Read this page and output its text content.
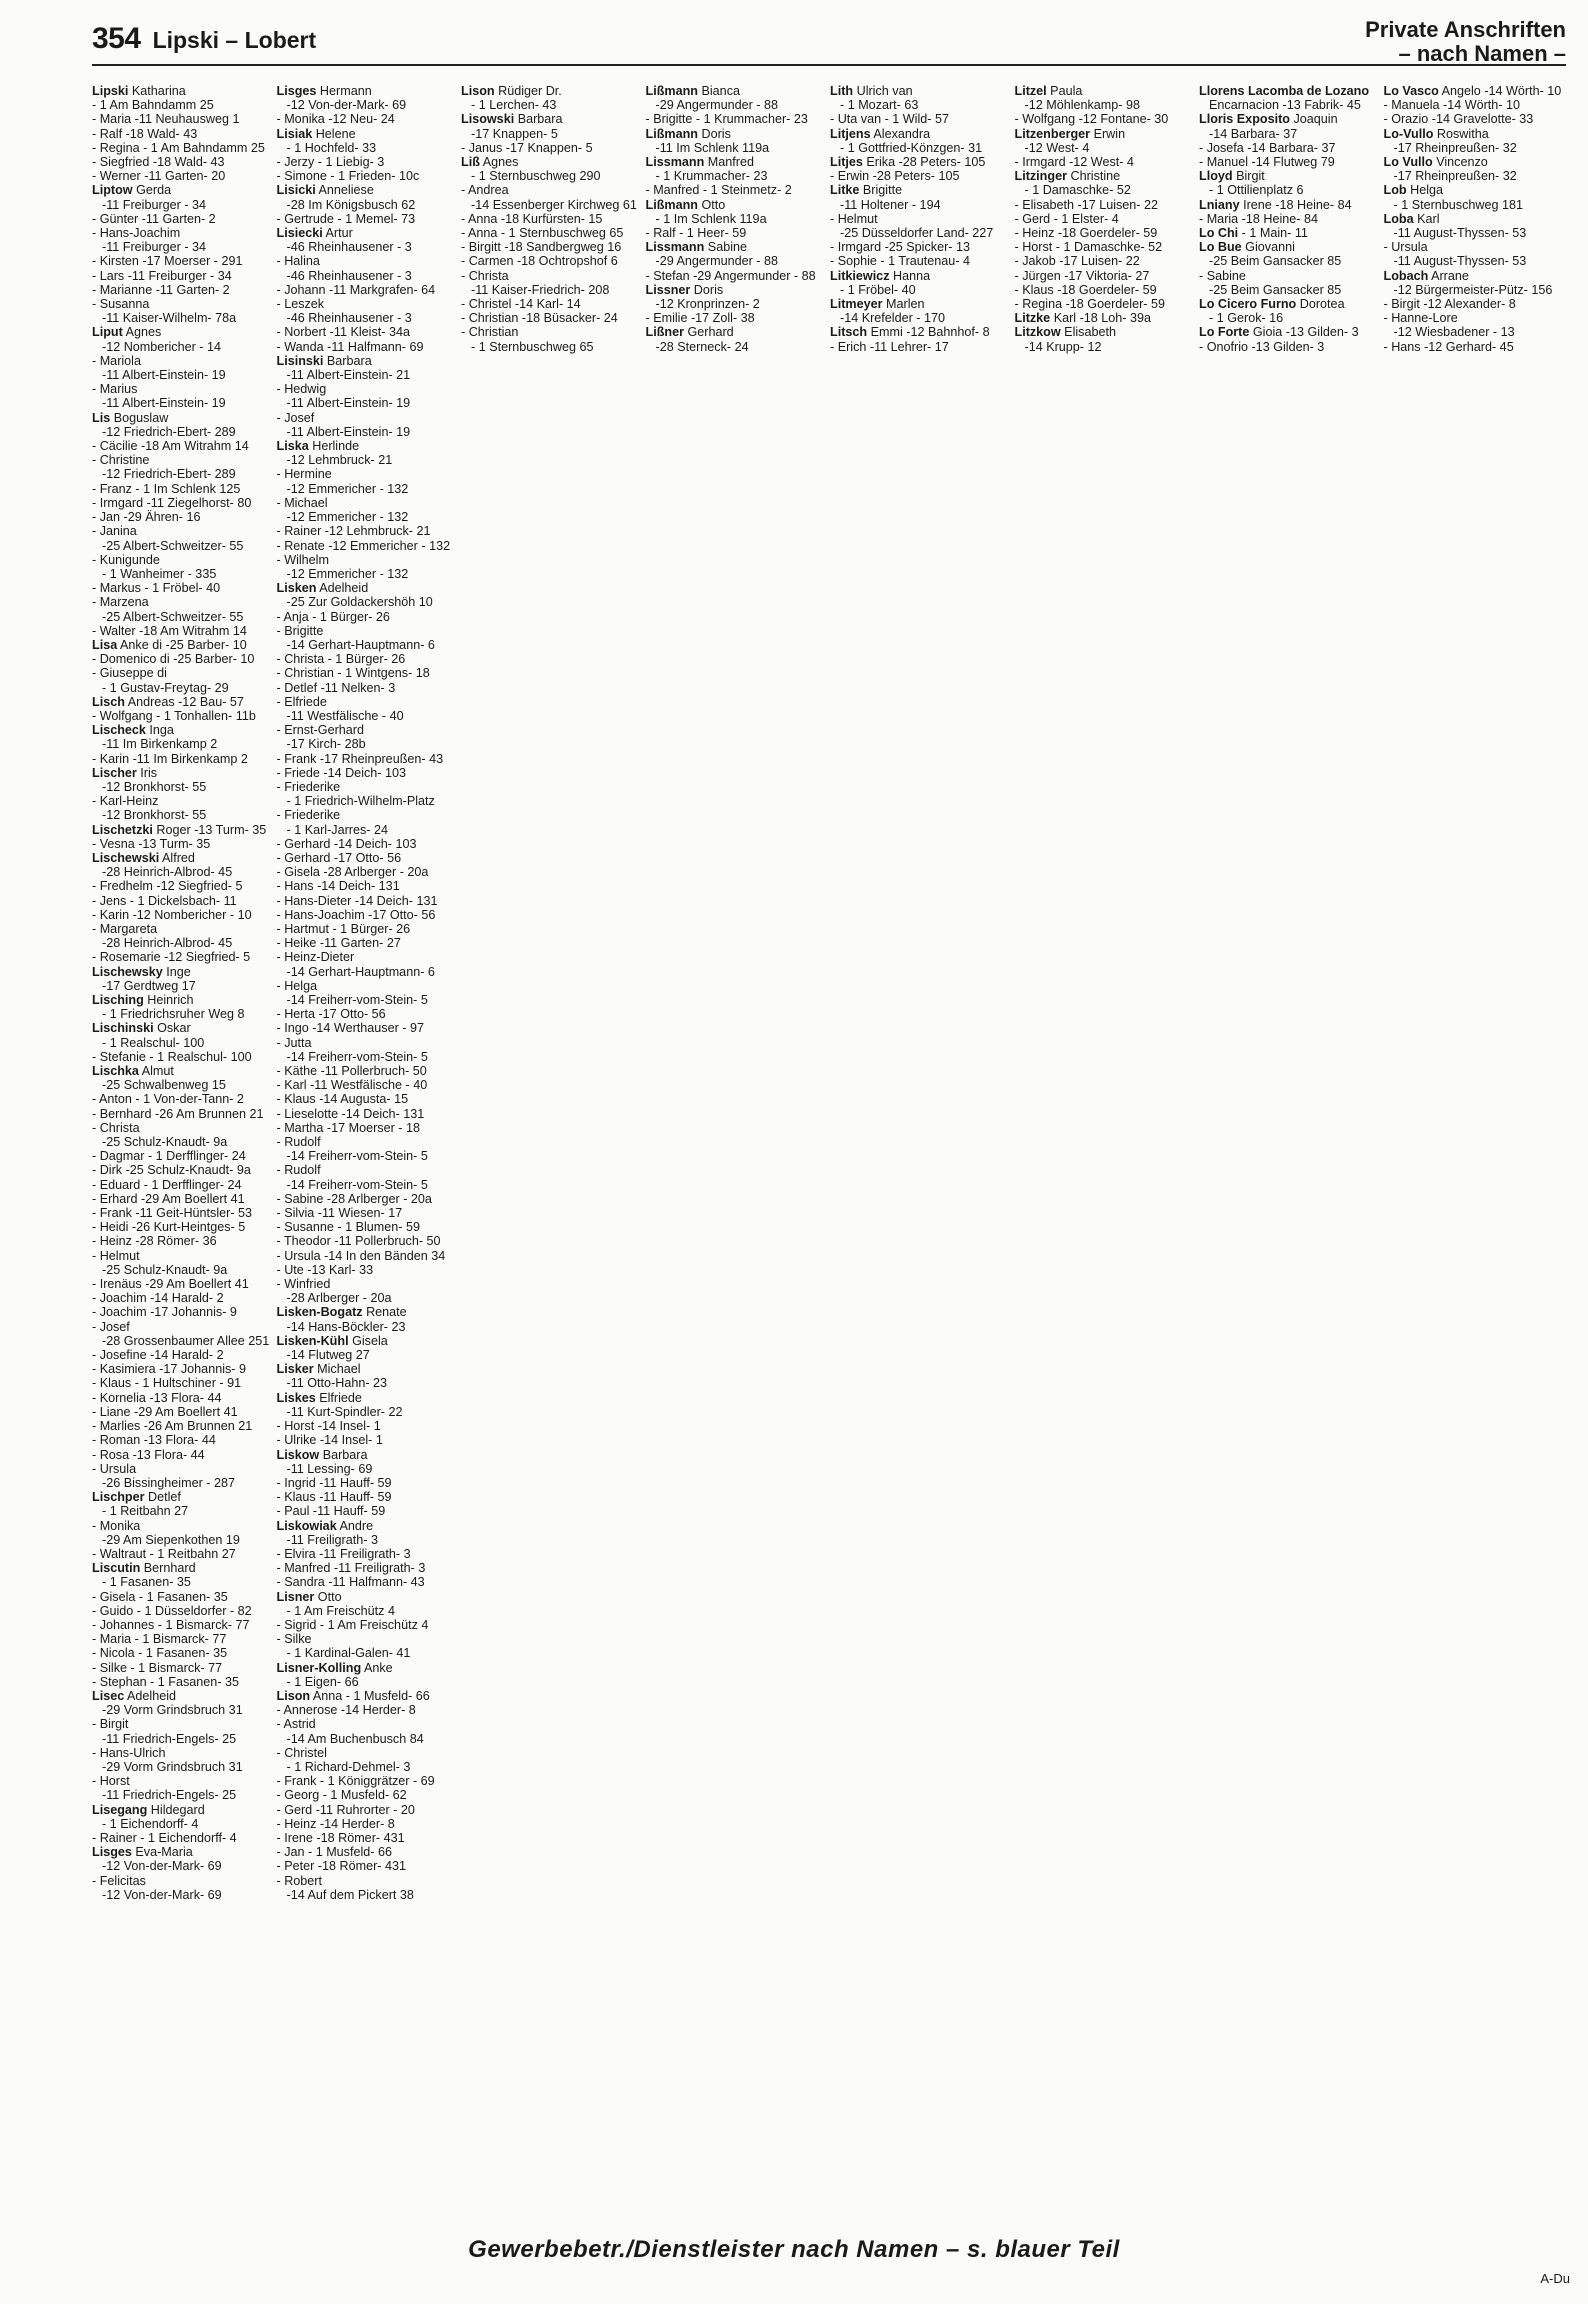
354 Lipski – Lobert	Private Anschriften
– nach Namen –
Lipski Katharina
- 1 Am Bahndamm 25
- Maria -11 Neuhausweg 1
- Ralf -18 Wald- 43
- Regina - 1 Am Bahndamm 25
- Siegfried -18 Wald- 43
- Werner -11 Garten- 20
Liptow Gerda
-11 Freiburger - 34
- Günter -11 Garten- 2
- Hans-Joachim
-11 Freiburger - 34
- Kirsten -17 Moerser - 291
- Lars -11 Freiburger - 34
- Marianne -11 Garten- 2
- Susanna
-11 Kaiser-Wilhelm- 78a
Liput Agnes
-12 Nombericher - 14
- Mariola
-11 Albert-Einstein- 19
- Marius
-11 Albert-Einstein- 19
Lis Boguslaw
-12 Friedrich-Ebert- 289
- Cäcilie -18 Am Witrahm 14
- Christine
-12 Friedrich-Ebert- 289
- Franz - 1 Im Schlenk 125
- Irmgard -11 Ziegelhorst- 80
- Jan -29 Ähren- 16
- Janina
-25 Albert-Schweitzer- 55
- Kunigunde
- 1 Wanheimer - 335
- Markus - 1 Fröbel- 40
- Marzena
-25 Albert-Schweitzer- 55
- Walter -18 Am Witrahm 14
Lisa Anke di -25 Barber- 10
- Domenico di -25 Barber- 10
- Giuseppe di
- 1 Gustav-Freytag- 29
Lisch Andreas -12 Bau- 57
- Wolfgang - 1 Tonhallen- 11b
Lischeck Inga
-11 Im Birkenkamp 2
- Karin -11 Im Birkenkamp 2
Lischer Iris
-12 Bronkhorst- 55
- Karl-Heinz
-12 Bronkhorst- 55
Lischetzki Roger -13 Turm- 35
- Vesna -13 Turm- 35
Lischewski Alfred
-28 Heinrich-Albrod- 45
- Fredhelm -12 Siegfried- 5
- Jens - 1 Dickelsbach- 11
- Karin -12 Nombericher - 10
- Margareta
-28 Heinrich-Albrod- 45
- Rosemarie -12 Siegfried- 5
Lischewsky Inge
-17 Gerdtweg 17
Lisching Heinrich
- 1 Friedrichsruher Weg 8
Lischinski Oskar
- 1 Realschul- 100
- Stefanie - 1 Realschul- 100
Lischka Almut
-25 Schwalbenweg 15
- Anton - 1 Von-der-Tann- 2
- Bernhard -26 Am Brunnen 21
- Christa
-25 Schulz-Knaudt- 9a
- Dagmar - 1 Derfflinger- 24
- Dirk -25 Schulz-Knaudt- 9a
- Eduard - 1 Derfflinger- 24
- Erhard -29 Am Boellert 41
- Frank -11 Geit-Hüntsler- 53
- Heidi -26 Kurt-Heintges- 5
- Heinz -28 Römer- 36
- Helmut
-25 Schulz-Knaudt- 9a
- Irenäus -29 Am Boellert 41
- Joachim -14 Harald- 2
- Joachim -17 Johannis- 9
- Josef
-28 Grossenbaumer Allee 251
- Josefine -14 Harald- 2
- Kasimiera -17 Johannis- 9
- Klaus - 1 Hultschiner - 91
- Kornelia -13 Flora- 44
- Liane -29 Am Boellert 41
- Marlies -26 Am Brunnen 21
- Roman -13 Flora- 44
- Rosa -13 Flora- 44
- Ursula
-26 Bissingheimer - 287
Lischper Detlef
- 1 Reitbahn 27
- Monika
-29 Am Siepenkothen 19
- Waltraut - 1 Reitbahn 27
Liscutin Bernhard
- 1 Fasanen- 35
- Gisela - 1 Fasanen- 35
- Guido - 1 Düsseldorfer - 82
- Johannes - 1 Bismarck- 77
- Maria - 1 Bismarck- 77
- Nicola - 1 Fasanen- 35
- Silke - 1 Bismarck- 77
- Stephan - 1 Fasanen- 35
Lisec Adelheid
-29 Vorm Grindsbruch 31
- Birgit
-11 Friedrich-Engels- 25
- Hans-Ulrich
-29 Vorm Grindsbruch 31
- Horst
-11 Friedrich-Engels- 25
Lisegang Hildegard
- 1 Eichendorff- 4
- Rainer - 1 Eichendorff- 4
Lisges Eva-Maria
-12 Von-der-Mark- 69
- Felicitas
-12 Von-der-Mark- 69
Lisges Hermann
-12 Von-der-Mark- 69
- Monika -12 Neu- 24
Lisiak Helene
- 1 Hochfeld- 33
- Jerzy - 1 Liebig- 3
- Simone - 1 Frieden- 10c
Lisicki Anneliese
-28 Im Königsbusch 62
- Gertrude - 1 Memel- 73
Lisiecki Artur
-46 Rheinhausener - 3
- Halina
-46 Rheinhausener - 3
- Johann -11 Markgrafen- 64
- Leszek
-46 Rheinhausener - 3
- Norbert -11 Kleist- 34a
- Wanda -11 Halfmann- 69
Lisinski Barbara
-11 Albert-Einstein- 21
- Hedwig
-11 Albert-Einstein- 19
- Josef
-11 Albert-Einstein- 19
Liska Herlinde
-12 Lehmbruck- 21
- Hermine
-12 Emmericher - 132
- Michael
-12 Emmericher - 132
- Rainer -12 Lehmbruck- 21
- Renate -12 Emmericher - 132
- Wilhelm
-12 Emmericher - 132
Lisken Adelheid
-25 Zur Goldackershöh 10
- Anja - 1 Bürger- 26
- Brigitte
-14 Gerhart-Hauptmann- 6
- Christa - 1 Bürger- 26
- Christian - 1 Wintgens- 18
- Detlef -11 Nelken- 3
- Elfriede
-11 Westfälische - 40
- Ernst-Gerhard
-17 Kirch- 28b
- Frank -17 Rheinpreußen- 43
- Friede -14 Deich- 103
- Friederike
- 1 Friedrich-Wilhelm-Platz
- Friederike
- 1 Karl-Jarres- 24
- Gerhard -14 Deich- 103
- Gerhard -17 Otto- 56
- Gisela -28 Arlberger - 20a
- Hans -14 Deich- 131
- Hans-Dieter -14 Deich- 131
- Hans-Joachim -17 Otto- 56
- Hartmut - 1 Bürger- 26
- Heike -11 Garten- 27
- Heinz-Dieter
-14 Gerhart-Hauptmann- 6
- Helga
-14 Freiherr-vom-Stein- 5
- Herta -17 Otto- 56
- Ingo -14 Werthauser - 97
- Jutta
-14 Freiherr-vom-Stein- 5
- Käthe -11 Pollerbruch- 50
- Karl -11 Westfälische - 40
- Klaus -14 Augusta- 15
- Lieselotte -14 Deich- 131
- Martha -17 Moerser - 18
- Rudolf
-14 Freiherr-vom-Stein- 5
- Rudolf
-14 Freiherr-vom-Stein- 5
- Sabine -28 Arlberger - 20a
- Silvia -11 Wiesen- 17
- Susanne - 1 Blumen- 59
- Theodor -11 Pollerbruch- 50
- Ursula -14 In den Bänden 34
- Ute -13 Karl- 33
- Winfried
-28 Arlberger - 20a
Lisken-Bogatz Renate
-14 Hans-Böckler- 23
Lisken-Kühl Gisela
-14 Flutweg 27
Lisker Michael
-11 Otto-Hahn- 23
Liskes Elfriede
-11 Kurt-Spindler- 22
- Horst -14 Insel- 1
- Ulrike -14 Insel- 1
Liskow Barbara
-11 Lessing- 69
- Ingrid -11 Hauff- 59
- Klaus -11 Hauff- 59
- Paul -11 Hauff- 59
Liskowiak Andre
-11 Freiligrath- 3
- Elvira -11 Freiligrath- 3
- Manfred -11 Freiligrath- 3
- Sandra -11 Halfmann- 43
Lisner Otto
- 1 Am Freischütz 4
- Sigrid - 1 Am Freischütz 4
- Silke
- 1 Kardinal-Galen- 41
Lisner-Kolling Anke
- 1 Eigen- 66
Lison Anna - 1 Musfeld- 66
- Annerose -14 Herder- 8
- Astrid
-14 Am Buchenbusch 84
- Christel
- 1 Richard-Dehmel- 3
- Frank - 1 Königgrätzer - 69
- Georg - 1 Musfeld- 62
- Gerd -11 Ruhrorter - 20
- Heinz -14 Herder- 8
- Irene -18 Römer- 431
- Jan - 1 Musfeld- 66
- Peter -18 Römer- 431
- Robert
-14 Auf dem Pickert 38
Lison Rüdiger Dr.
- 1 Lerchen- 43
Lisowski Barbara
-17 Knappen- 5
- Janus -17 Knappen- 5
Liß Agnes
- 1 Sternbuschweg 290
- Andrea
-14 Essenberger Kirchweg 61
- Anna -18 Kurfürsten- 15
- Anna - 1 Sternbuschweg 65
- Birgitt -18 Sandbergweg 16
- Carmen -18 Ochtropshof 6
- Christa
-11 Kaiser-Friedrich- 208
- Christel -14 Karl- 14
- Christian -18 Büsacker- 24
- Christian
- 1 Sternbuschweg 65
Lißmann Bianca
-29 Angermunder - 88
- Brigitte - 1 Krummacher- 23
Lißmann Doris
-11 Im Schlenk 119a
Lissmann Manfred
- 1 Krummacher- 23
- Manfred - 1 Steinmetz- 2
Lißmann Otto
- 1 Im Schlenk 119a
- Ralf - 1 Heer- 59
Lissmann Sabine
-29 Angermunder - 88
- Stefan -29 Angermunder - 88
Lissner Doris
-12 Kronprinzen- 2
- Emilie -17 Zoll- 38
Lißner Gerhard
-28 Sterneck- 24
Lith Ulrich van
- 1 Mozart- 63
- Uta van - 1 Wild- 57
Litjens Alexandra
- 1 Gottfried-Könzgen- 31
Litjes Erika -28 Peters- 105
- Erwin -28 Peters- 105
Litke Brigitte
-11 Holtener - 194
- Helmut
-25 Düsseldorfer Land- 227
- Irmgard -25 Spicker- 13
- Sophie - 1 Trautenau- 4
Litkiewicz Hanna
- 1 Fröbel- 40
Litmeyer Marlen
-14 Krefelder - 170
Litsch Emmi -12 Bahnhof- 8
- Erich -11 Lehrer- 17
Litzel Paula
-12 Möhlenkamp- 98
- Wolfgang -12 Fontane- 30
Litzenberger Erwin
-12 West- 4
- Irmgard -12 West- 4
Litzinger Christine
- 1 Damaschke- 52
- Elisabeth -17 Luisen- 22
- Gerd - 1 Elster- 4
- Heinz -18 Goerdeler- 59
- Horst - 1 Damaschke- 52
- Jakob -17 Luisen- 22
- Jürgen -17 Viktoria- 27
- Klaus -18 Goerdeler- 59
- Regina -18 Goerdeler- 59
Litzke Karl -18 Loh- 39a
Litzkow Elisabeth
-14 Krupp- 12
Llorens Lacomba de Lozano
Encarnacion -13 Fabrik- 45
Lloris Exposito Joaquin
-14 Barbara- 37
- Josefa -14 Barbara- 37
- Manuel -14 Flutweg 79
Lloyd Birgit
- 1 Ottilienplatz 6
Lniany Irene -18 Heine- 84
- Maria -18 Heine- 84
Lo Chi - 1 Main- 11
Lo Bue Giovanni
-25 Beim Gansacker 85
- Sabine
-25 Beim Gansacker 85
Lo Cicero Furno Dorotea
- 1 Gerok- 16
Lo Forte Gioia -13 Gilden- 3
- Onofrio -13 Gilden- 3
Lo Vasco Angelo -14 Wörth- 10
- Manuela -14 Wörth- 10
- Orazio -14 Gravelotte- 33
Lo-Vullo Roswitha
-17 Rheinpreußen- 32
Lo Vullo Vincenzo
-17 Rheinpreußen- 32
Lob Helga
- 1 Sternbuschweg 181
Loba Karl
-11 August-Thyssen- 53
- Ursula
-11 August-Thyssen- 53
Lobach Arrane
-12 Bürgermeister-Pütz- 156
- Birgit -12 Alexander- 8
- Hanne-Lore
-12 Wiesbadener - 13
- Hans -12 Gerhard- 45
Gewerbebetr./Dienstleister nach Namen – s. blauer Teil
A-Du
